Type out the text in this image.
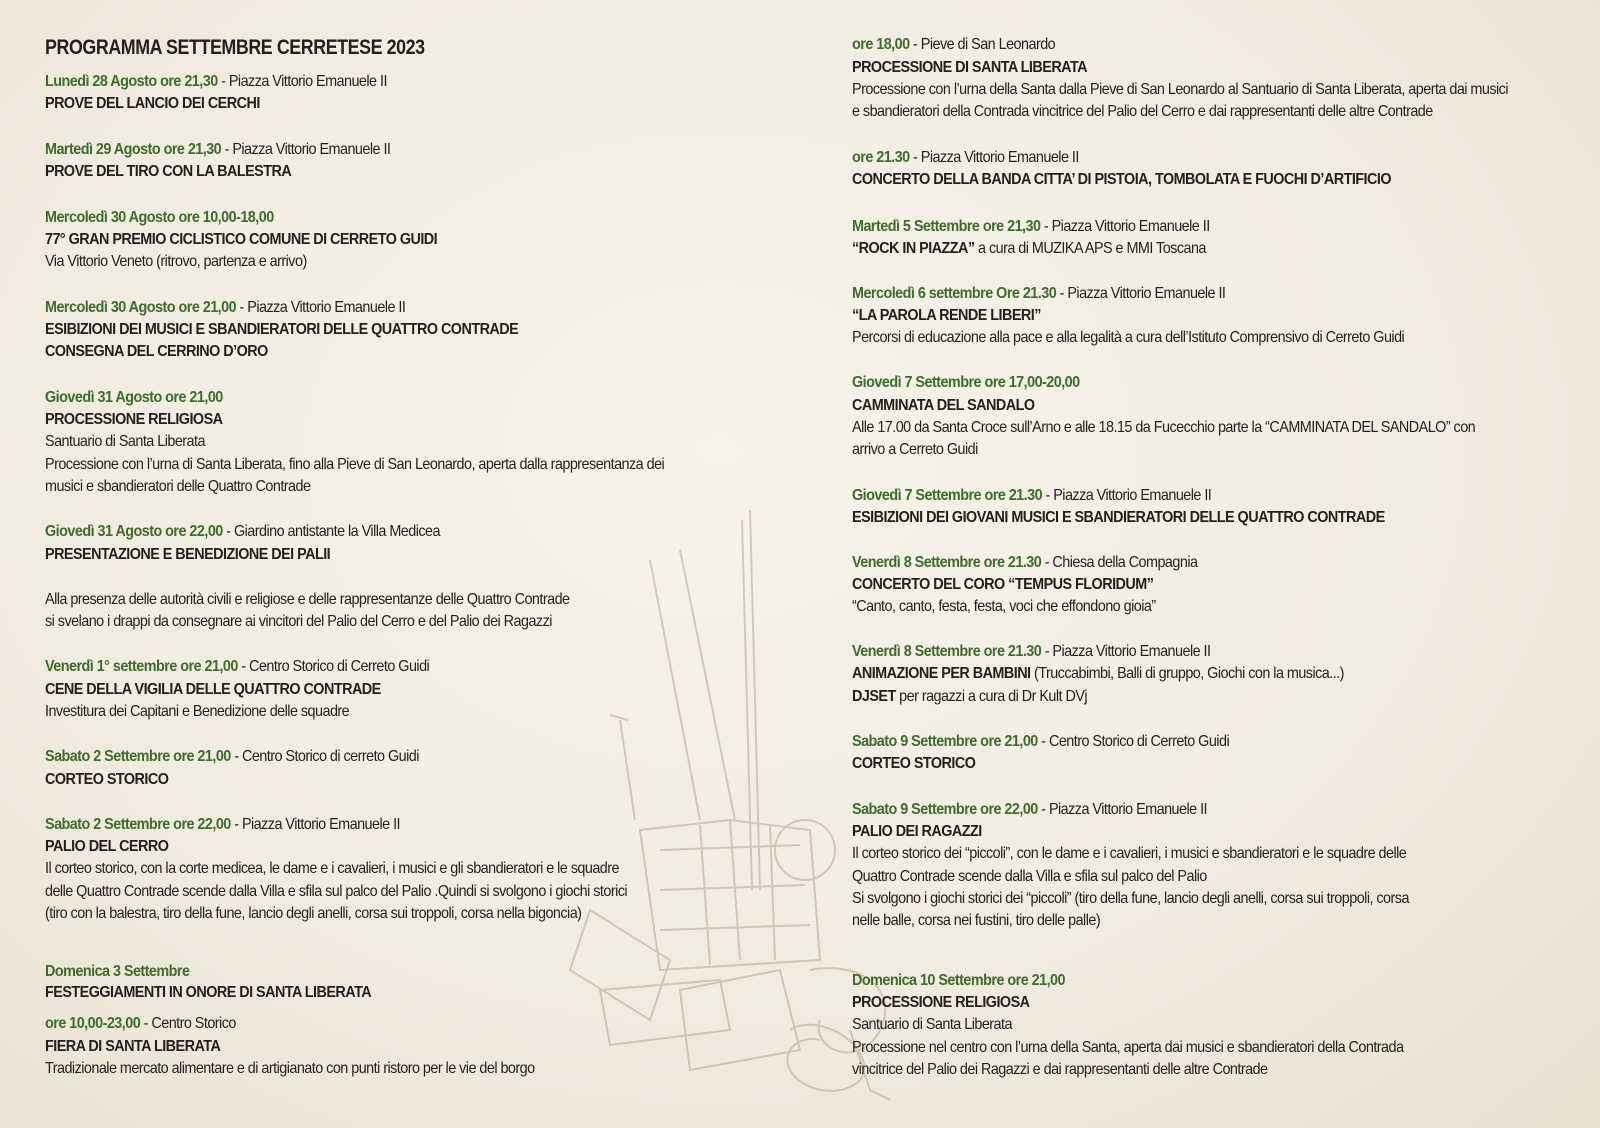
PROGRAMMA SETTEMBRE CERRETESE 2023
Lunedì 28 Agosto ore 21,30 - Piazza Vittorio Emanuele II
PROVE DEL LANCIO DEI CERCHI
Martedì 29 Agosto ore 21,30 - Piazza Vittorio Emanuele II
PROVE DEL TIRO CON LA BALESTRA
Mercoledì 30 Agosto ore 10,00-18,00
77° GRAN PREMIO CICLISTICO COMUNE DI CERRETO GUIDI
Via Vittorio Veneto (ritrovo, partenza e arrivo)
Mercoledì 30 Agosto ore 21,00 - Piazza Vittorio Emanuele II
ESIBIZIONI DEI MUSICI E SBANDIERATORI DELLE QUATTRO CONTRADE
CONSEGNA DEL CERRINO D’ORO
Giovedì 31 Agosto ore 21,00
PROCESSIONE RELIGIOSA
Santuario di Santa Liberata
Processione con l’urna di Santa Liberata, fino alla Pieve di San Leonardo, aperta dalla rappresentanza dei
musici e sbandieratori delle Quattro Contrade
Giovedì 31 Agosto ore 22,00 - Giardino antistante la Villa Medicea
PRESENTAZIONE E BENEDIZIONE DEI PALII
Alla presenza delle autorità civili e religiose e delle rappresentanze delle Quattro Contrade
si svelano i drappi da consegnare ai vincitori del Palio del Cerro e del Palio dei Ragazzi
Venerdì 1° settembre ore 21,00 - Centro Storico di Cerreto Guidi
CENE DELLA VIGILIA DELLE QUATTRO CONTRADE
Investitura dei Capitani e Benedizione delle squadre
Sabato 2 Settembre ore 21,00 - Centro Storico di cerreto Guidi
CORTEO STORICO
Sabato 2 Settembre ore 22,00 - Piazza Vittorio Emanuele II
PALIO DEL CERRO
Il corteo storico, con la corte medicea, le dame e i cavalieri, i musici e gli sbandieratori e le squadre
delle Quattro Contrade scende dalla Villa e sfila sul palco del Palio .Quindi si svolgono i giochi storici
(tiro con la balestra, tiro della fune, lancio degli anelli, corsa sui troppoli, corsa nella bigoncia)
Domenica 3 Settembre
FESTEGGIAMENTI IN ONORE DI SANTA LIBERATA
ore 10,00-23,00 - Centro Storico
FIERA DI SANTA LIBERATA
Tradizionale mercato alimentare e di artigianato con punti ristoro per le vie del borgo
ore 18,00 - Pieve di San Leonardo
PROCESSIONE DI SANTA LIBERATA
Processione con l’urna della Santa dalla Pieve di San Leonardo al Santuario di Santa Liberata, aperta dai musici
e sbandieratori della Contrada vincitrice del Palio del Cerro e dai rappresentanti delle altre Contrade
ore 21.30 - Piazza Vittorio Emanuele II
CONCERTO DELLA BANDA CITTA’ DI PISTOIA, TOMBOLATA E FUOCHI D’ARTIFICIO
Martedì 5 Settembre ore 21,30 - Piazza Vittorio Emanuele II
“ROCK IN PIAZZA” a cura di MUZIKA APS e MMI Toscana
Mercoledì 6 settembre Ore 21.30 - Piazza Vittorio Emanuele II
“LA PAROLA RENDE LIBERI”
Percorsi di educazione alla pace e alla legalità a cura dell’Istituto Comprensivo di Cerreto Guidi
Giovedì 7 Settembre ore 17,00-20,00
CAMMINATA DEL SANDALO
Alle 17.00 da Santa Croce sull’Arno e alle 18.15 da Fucecchio parte la “CAMMINATA DEL SANDALO” con
arrivo a Cerreto Guidi
Giovedì 7 Settembre ore 21.30 - Piazza Vittorio Emanuele II
ESIBIZIONI DEI GIOVANI MUSICI E SBANDIERATORI DELLE QUATTRO CONTRADE
Venerdì 8 Settembre ore 21.30 - Chiesa della Compagnia
CONCERTO DEL CORO “TEMPUS FLORIDUM”
“Canto, canto, festa, festa, voci che effondono gioia”
Venerdì 8 Settembre ore 21.30 - Piazza Vittorio Emanuele II
ANIMAZIONE PER BAMBINI (Truccabimbi, Balli di gruppo, Giochi con la musica...)
DJSET per ragazzi a cura di Dr Kult DVj
Sabato 9 Settembre ore 21,00 - Centro Storico di Cerreto Guidi
CORTEO STORICO
Sabato 9 Settembre ore 22,00 - Piazza Vittorio Emanuele II
PALIO DEI RAGAZZI
Il corteo storico dei “piccoli”, con le dame e i cavalieri, i musici e sbandieratori e le squadre delle
Quattro Contrade scende dalla Villa e sfila sul palco del Palio
Si svolgono i giochi storici dei “piccoli” (tiro della fune, lancio degli anelli, corsa sui troppoli, corsa
nelle balle, corsa nei fustini, tiro delle palle)
Domenica 10 Settembre ore 21,00
PROCESSIONE RELIGIOSA
Santuario di Santa Liberata
Processione nel centro con l’urna della Santa, aperta dai musici e sbandieratori della Contrada
vincitrice del Palio dei Ragazzi e dai rappresentanti delle altre Contrade
